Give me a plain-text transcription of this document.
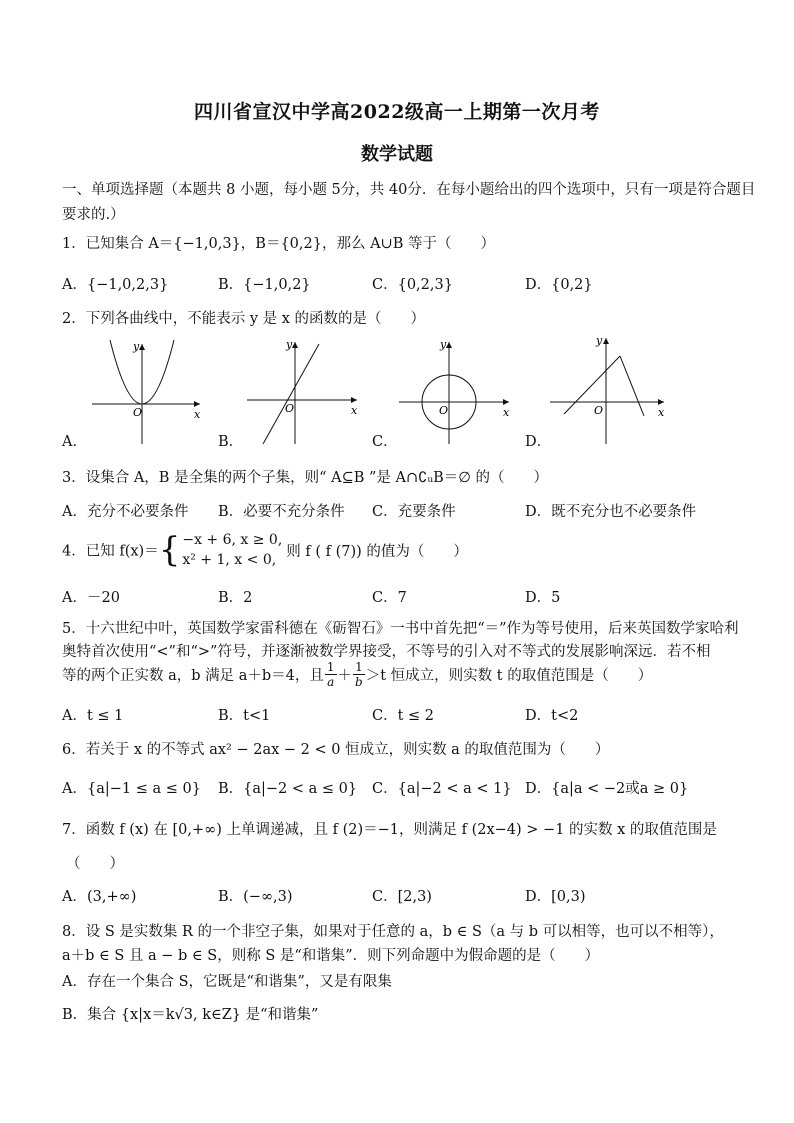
四川省宣汉中学高2022级高一上期第一次月考
数学试题
一、单项选择题（本题共 8 小题，每小题 5分，共 40分．在每小题给出的四个选项中，只有一项是符合题目
要求的.）
1．已知集合 A＝{−1,0,3}，B＝{0,2}，那么 A∪B 等于（　　）
A．{−1,0,2,3}	B．{−1,0,2}	C．{0,2,3}	D．{0,2}
2．下列各曲线中，不能表示 y 是 x 的函数的是（　　）
O	x
y
A．
O	x
y
B．
O	x
y
C．
O	x
y
D．
3．设集合 A，B 是全集的两个子集，则“ A⊆B ”是 A∩∁ᵤB＝∅ 的（　　）
A．充分不必要条件 B．必要不充分条件 C．充要条件	D．既不充分也不必要条件
4．已知 f(x)＝{ −x + 6, x ≥ 0,
x² + 1, x < 0,
则 f ( f (7)) 的值为（　　）
A．－20	B．2	C．7	D．5
5．十六世纪中叶，英国数学家雷科德在《砺智石》一书中首先把“＝”作为等号使用，后来英国数学家哈利
奥特首次使用“<”和“>”符号，并逐渐被数学界接受，不等号的引入对不等式的发展影响深远．若不相
等的两个正实数 a，b 满足 a＋b＝4，且 $\frac{1}{a} + \frac{1}{b} >t$ 恒成立，则实数 t 的取值范围是（　　）
A．t ≤ 1	B．t<1	C．t ≤ 2	D．t<2
6．若关于 x 的不等式 ax² − 2ax − 2 < 0 恒成立，则实数 a 的取值范围为（　　）
A．{a|−1 ≤ a ≤ 0} B．{a|−2 < a ≤ 0} C．{a|−2 < a < 1} D．{a|a < −2或a ≥ 0}
7．函数 f (x) 在 [0,+∞) 上单调递减，且 f (2)＝−1，则满足 f (2x−4) > −1 的实数 x 的取值范围是
（　　）
A．(3,+∞)	B．(−∞,3)	C．[2,3)	D．[0,3)
8．设 S 是实数集 R 的一个非空子集，如果对于任意的 a，b ∈ S（a 与 b 可以相等，也可以不相等），
a＋b ∈ S 且 a − b ∈ S，则称 S 是“和谐集”．则下列命题中为假命题的是（　　）
A．存在一个集合 S，它既是“和谐集”，又是有限集
B．集合 {x|x＝k√3, k∈Z} 是“和谐集”
